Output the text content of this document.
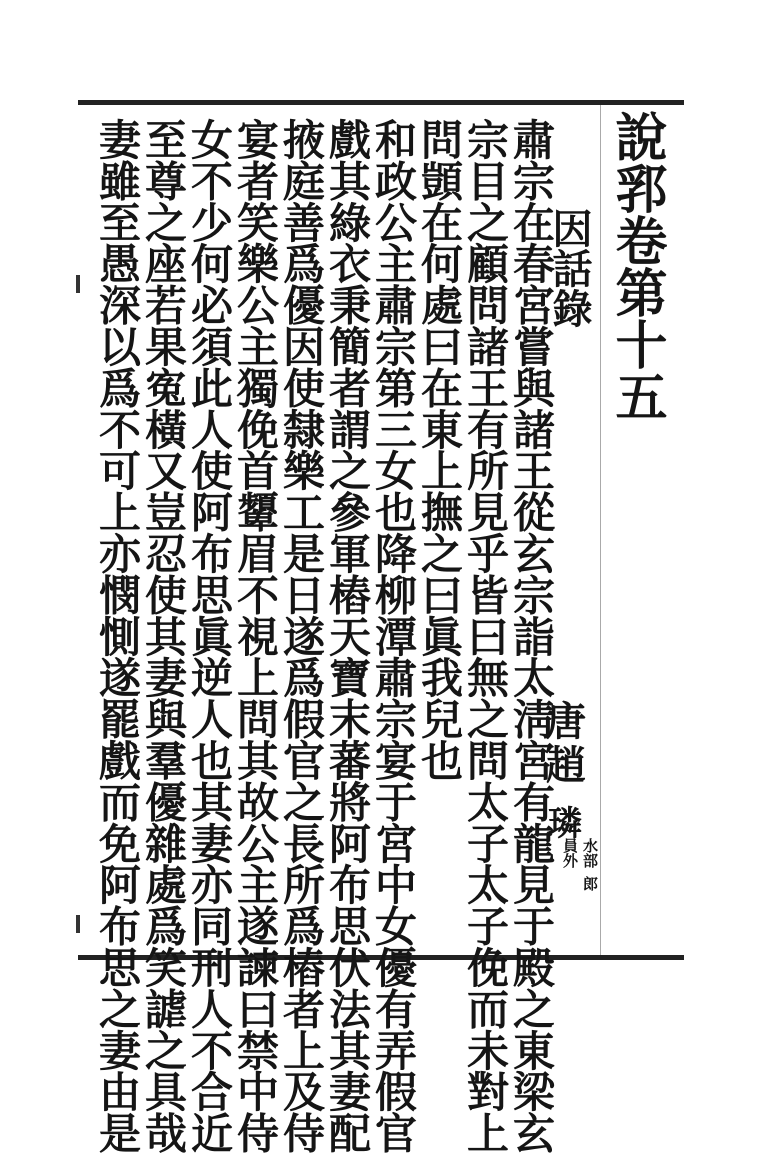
說郛卷第十五
因話錄
唐
趙
璘
水部
員外
郎
肅宗在春宮嘗與諸王從玄宗詣太淸宮有龍見于殿之東梁玄
宗目之顧問諸王有所見乎皆曰無之問太子太子俛而未對上
問顗在何處曰在東上撫之曰眞我兒也
和政公主肅宗第三女也降柳潭肅宗宴于宮中女優有弄假官
戲其綠衣秉簡者謂之參軍樁天寶末蕃將阿布思伏法其妻配
掖庭善爲優因使隸樂工是日遂爲假官之長所爲樁者上及侍
宴者笑樂公主獨俛首顰眉不視上問其故公主遂諫曰禁中侍
女不少何必須此人使阿布思眞逆人也其妻亦同刑人不合近
至尊之座若果寃橫又豈忍使其妻與羣優雜處爲笑謔之具哉
妻雖至愚深以爲不可上亦憫惻遂罷戲而免阿布思之妻由是
